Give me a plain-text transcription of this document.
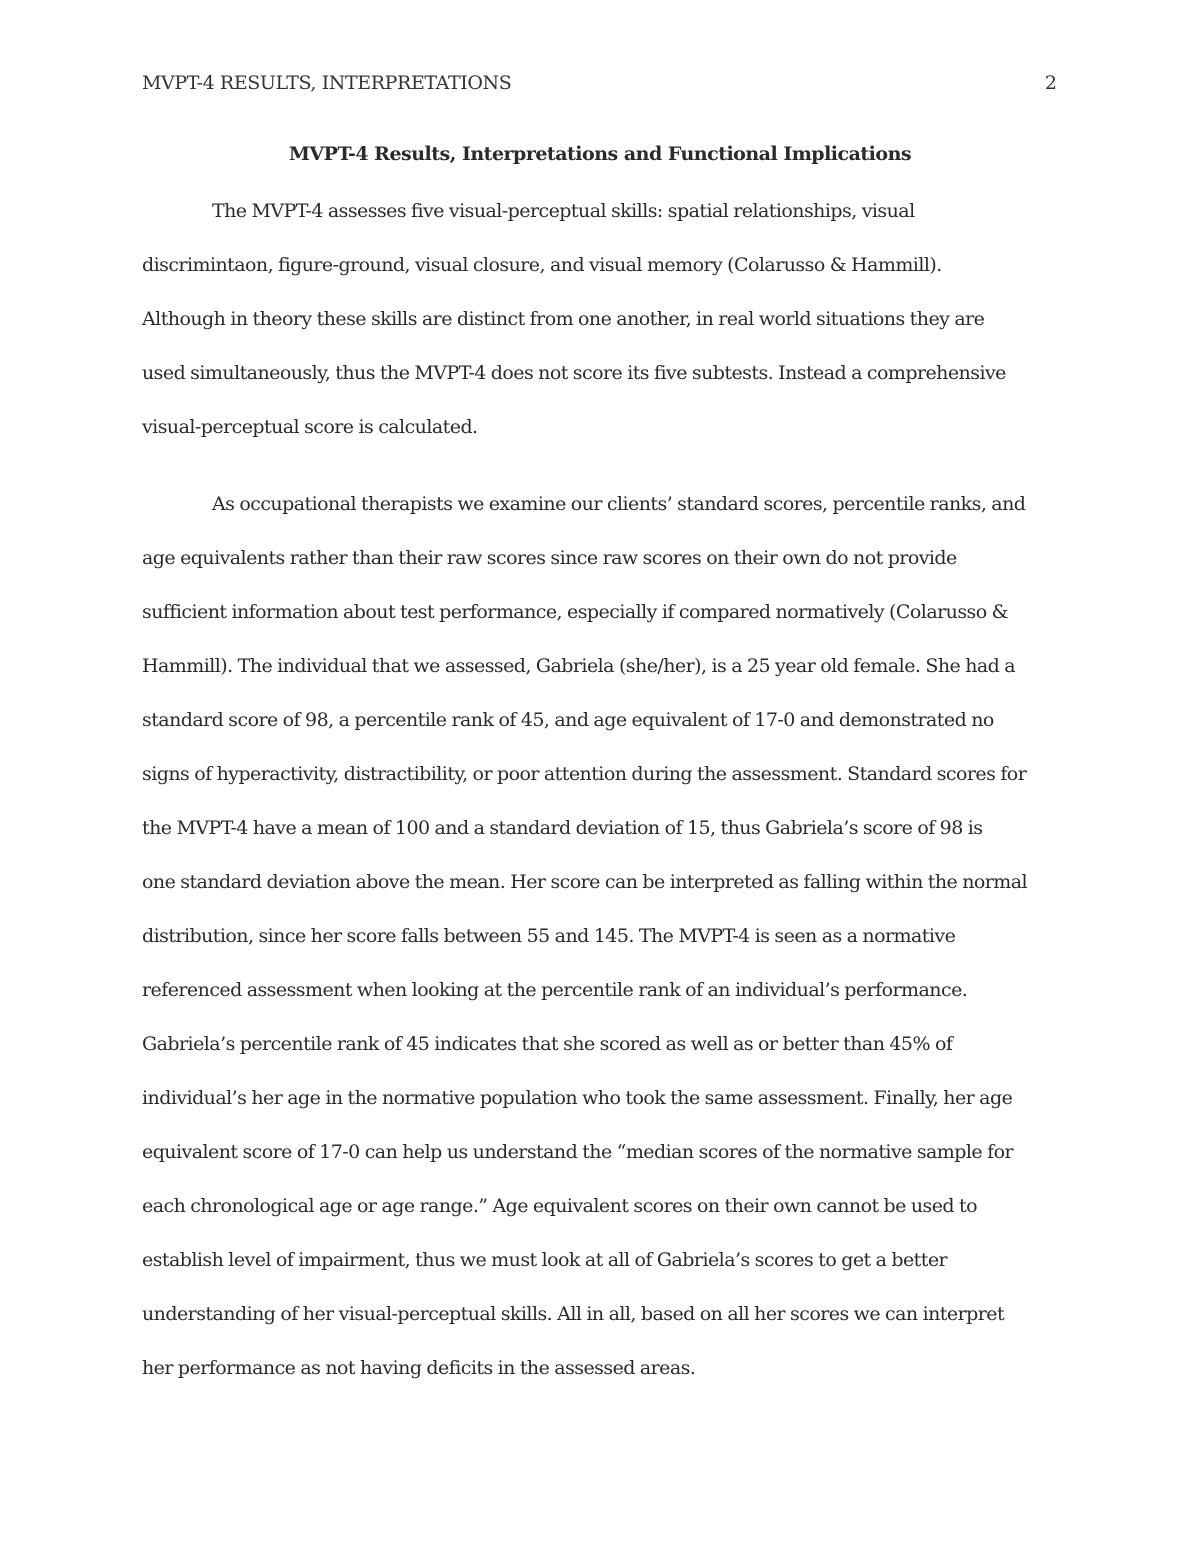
MVPT-4 RESULTS, INTERPRETATIONS	2
MVPT-4 Results, Interpretations and Functional Implications
The MVPT-4 assesses five visual-perceptual skills: spatial relationships, visual
discrimintaon, figure-ground, visual closure, and visual memory (Colarusso & Hammill).
Although in theory these skills are distinct from one another, in real world situations they are
used simultaneously, thus the MVPT-4 does not score its five subtests. Instead a comprehensive
visual-perceptual score is calculated.
As occupational therapists we examine our clients’ standard scores, percentile ranks, and
age equivalents rather than their raw scores since raw scores on their own do not provide
sufficient information about test performance, especially if compared normatively (Colarusso &
Hammill). The individual that we assessed, Gabriela (she/her), is a 25 year old female. She had a
standard score of 98, a percentile rank of 45, and age equivalent of 17-0 and demonstrated no
signs of hyperactivity, distractibility, or poor attention during the assessment. Standard scores for
the MVPT-4 have a mean of 100 and a standard deviation of 15, thus Gabriela’s score of 98 is
one standard deviation above the mean. Her score can be interpreted as falling within the normal
distribution, since her score falls between 55 and 145. The MVPT-4 is seen as a normative
referenced assessment when looking at the percentile rank of an individual’s performance.
Gabriela’s percentile rank of 45 indicates that she scored as well as or better than 45% of
individual’s her age in the normative population who took the same assessment. Finally, her age
equivalent score of 17-0 can help us understand the “median scores of the normative sample for
each chronological age or age range.” Age equivalent scores on their own cannot be used to
establish level of impairment, thus we must look at all of Gabriela’s scores to get a better
understanding of her visual-perceptual skills. All in all, based on all her scores we can interpret
her performance as not having deficits in the assessed areas.
